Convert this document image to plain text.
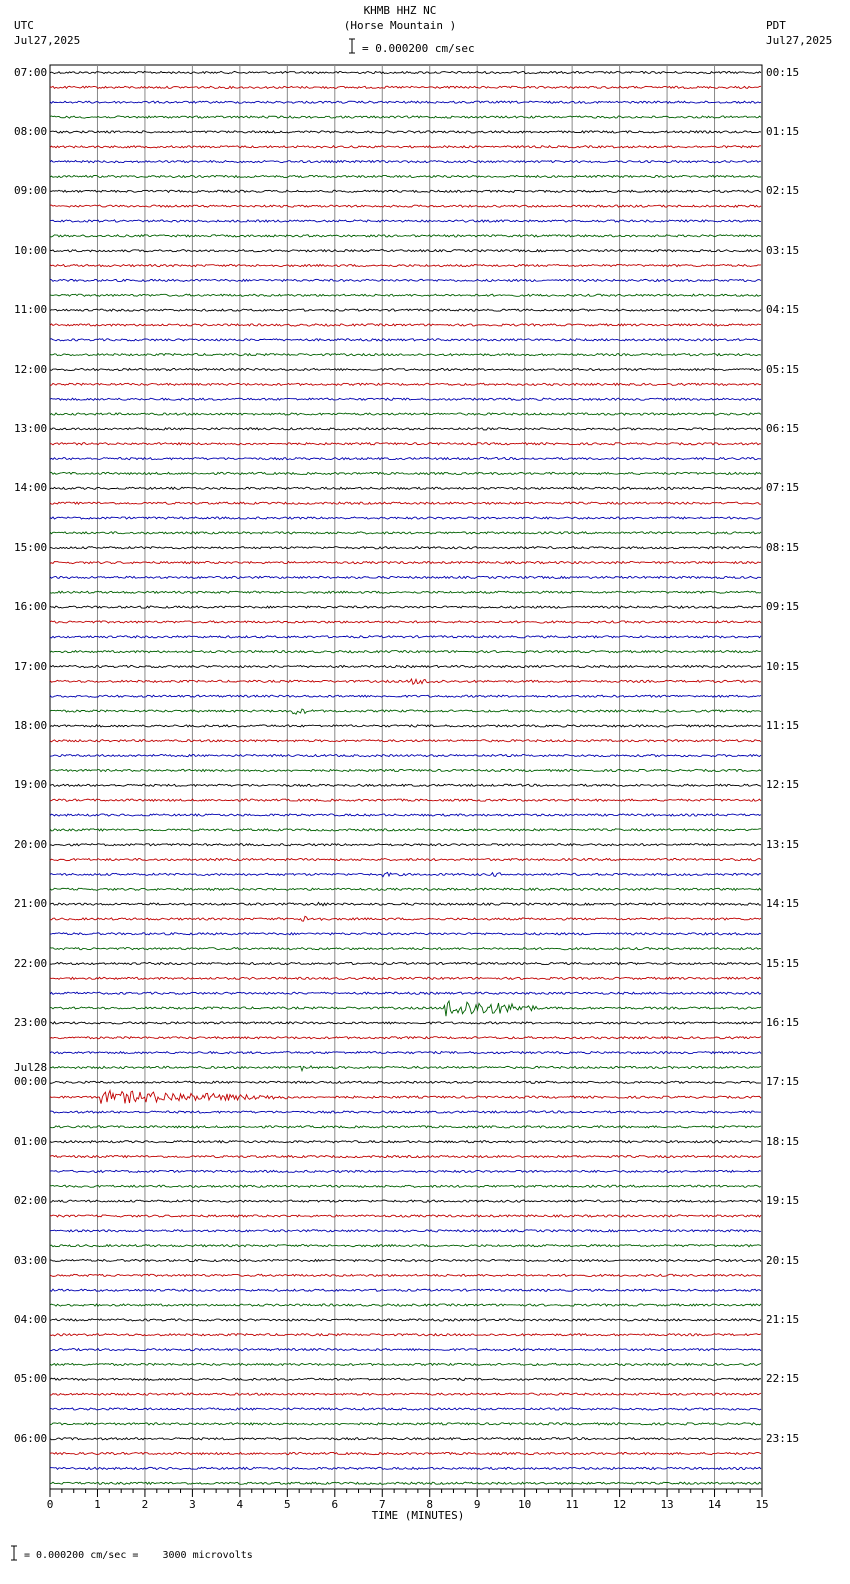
KHMB HHZ NC
(Horse Mountain )
= 0.000200 cm/sec
UTC
Jul27,2025
PDT
Jul27,2025
07:00
08:00
09:00
10:00
11:00
12:00
13:00
14:00
15:00
16:00
17:00
18:00
19:00
20:00
21:00
22:00
23:00
Jul28
00:00
01:00
02:00
03:00
04:00
05:00
06:00
00:15
01:15
02:15
03:15
04:15
05:15
06:15
07:15
08:15
09:15
10:15
11:15
12:15
13:15
14:15
15:15
16:15
17:15
18:15
19:15
20:15
21:15
22:15
23:15
0	1	2	3	4	5	6	7	8	9	10	11	12	13	14	15
TIME (MINUTES)
= 0.000200 cm/sec =    3000 microvolts
